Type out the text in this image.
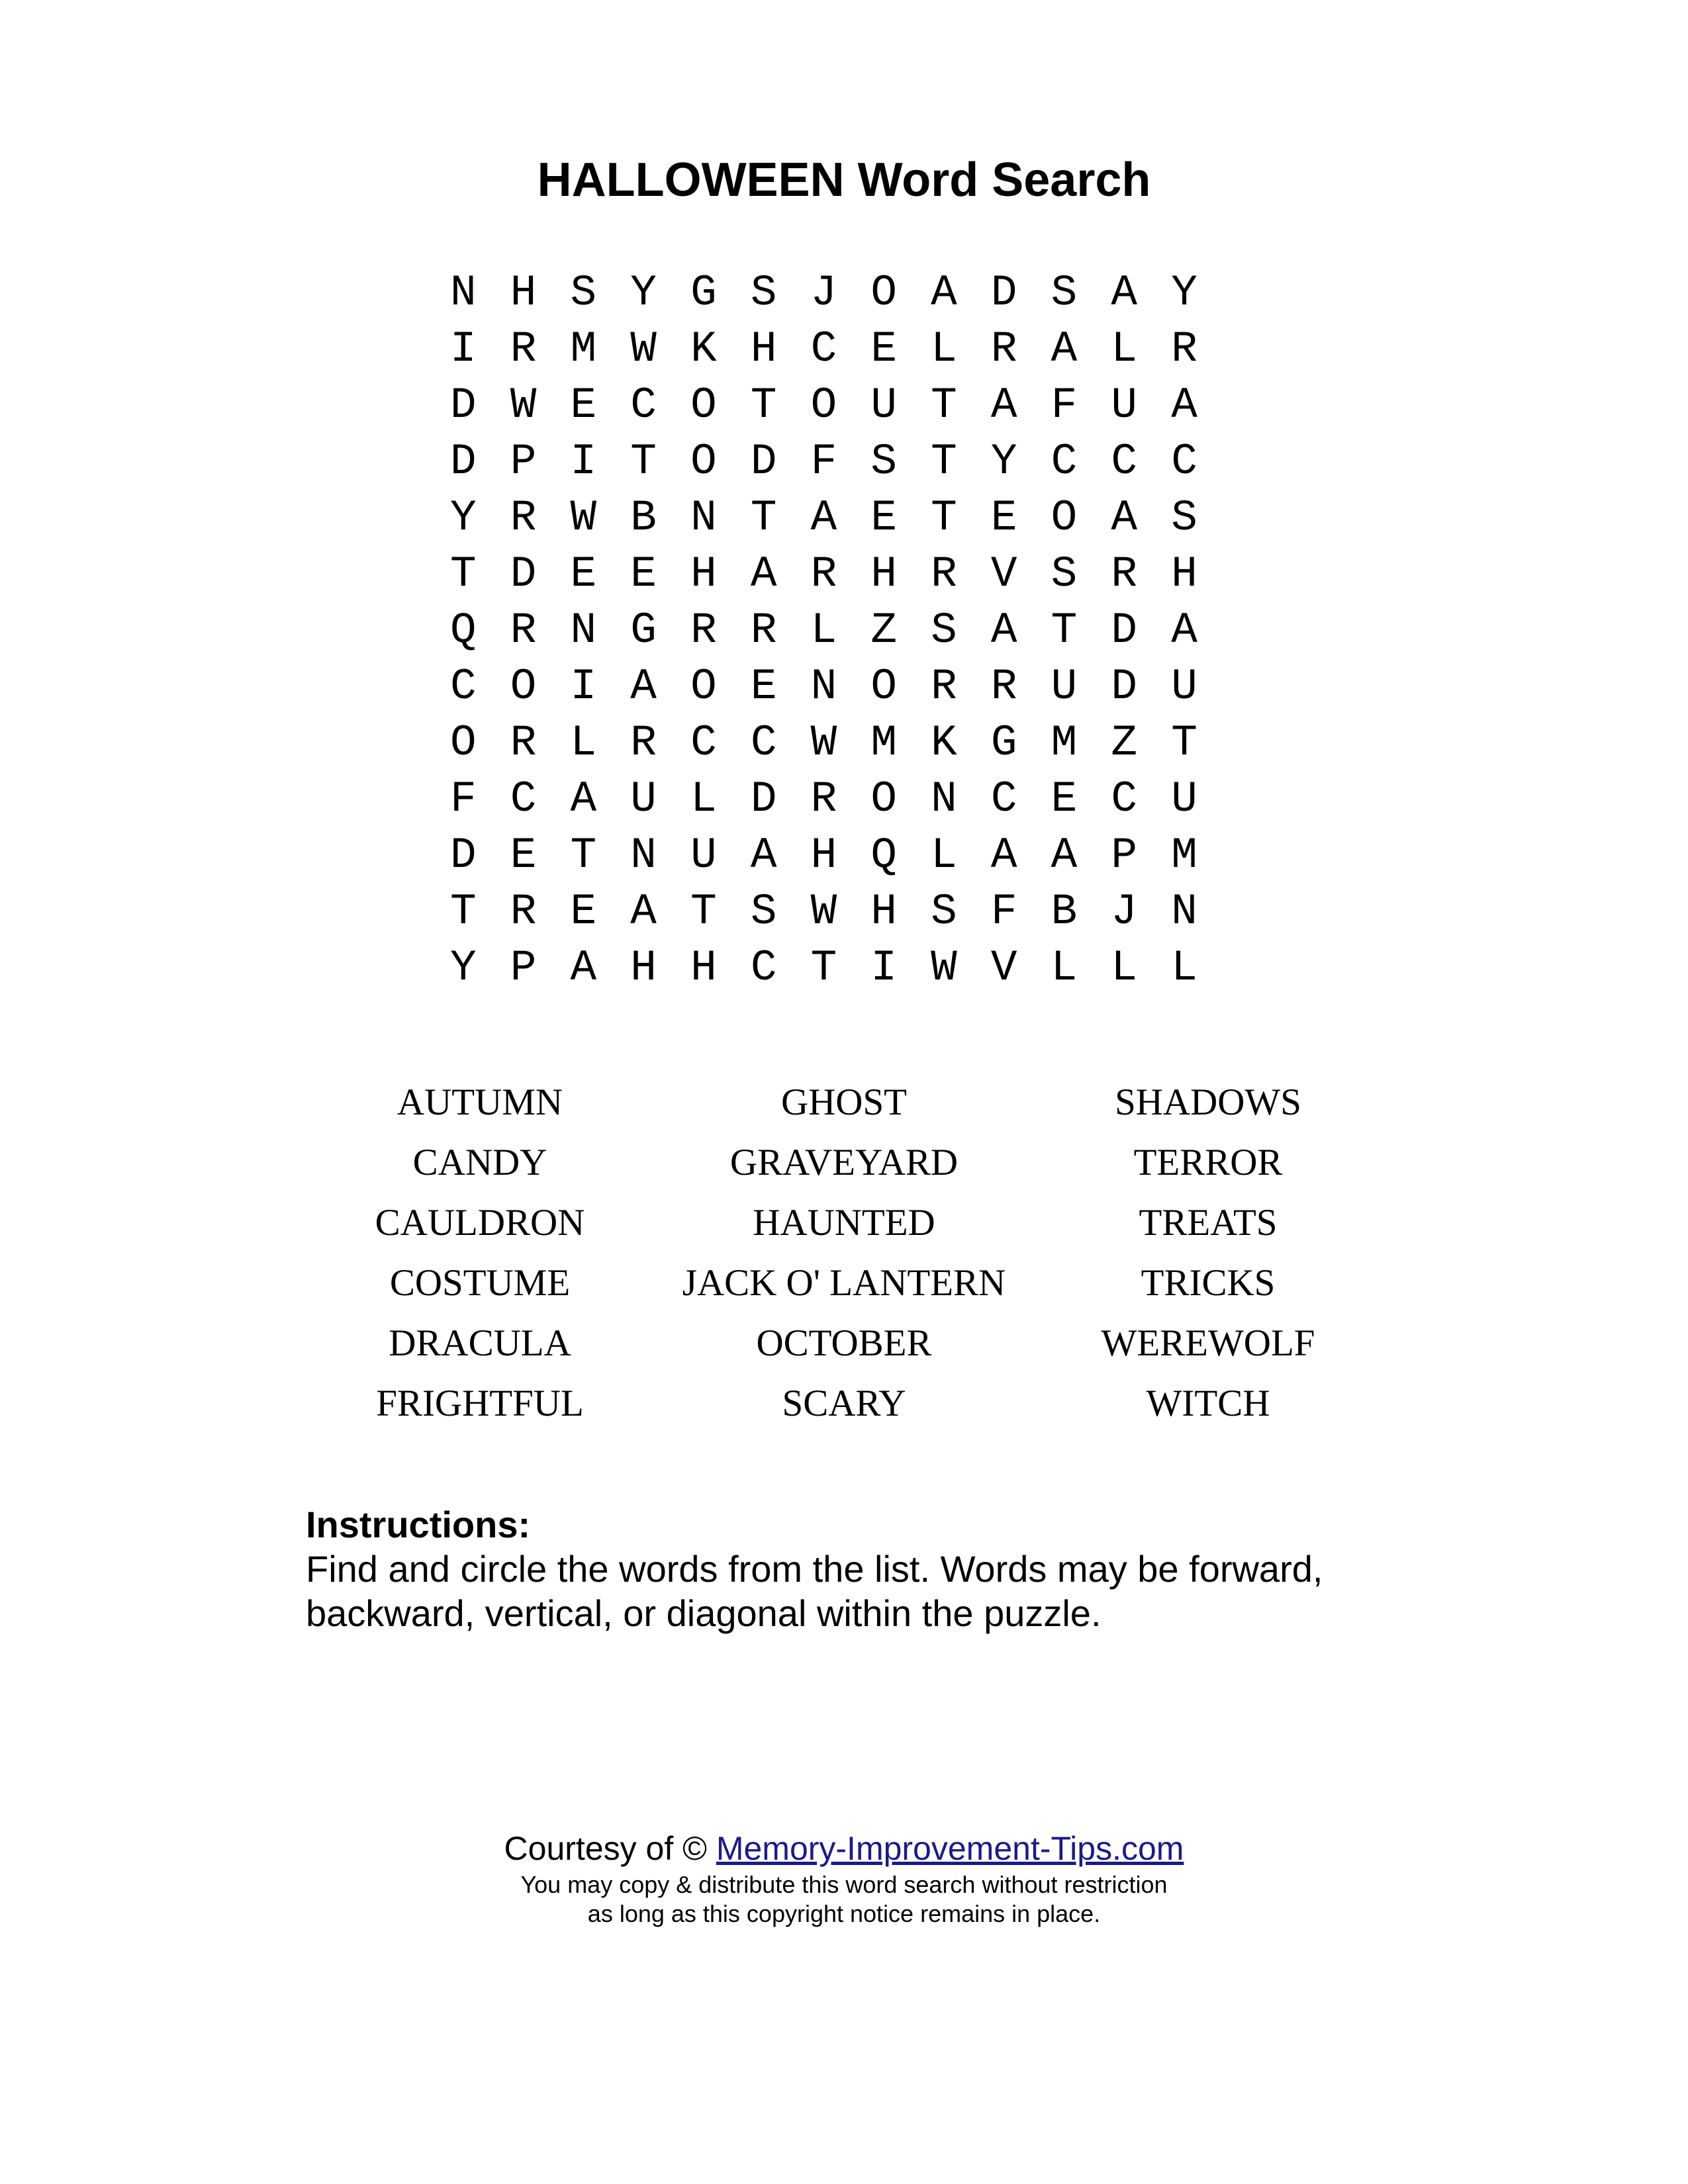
HALLOWEEN Word Search
N H S Y G S J O A D S A Y
I R M W K H C E L R A L R
D W E C O T O U T A F U A
D P I T O D F S T Y C C C
Y R W B N T A E T E O A S
T D E E H A R H R V S R H
Q R N G R R L Z S A T D A
C O I A O E N O R R U D U
O R L R C C W M K G M Z T
F C A U L D R O N C E C U
D E T N U A H Q L A A P M
T R E A T S W H S F B J N
Y P A H H C T I W V L L L
AUTUMN
CANDY
CAULDRON
COSTUME
DRACULA
FRIGHTFUL
GHOST
GRAVEYARD
HAUNTED
JACK O' LANTERN
OCTOBER
SCARY
SHADOWS
TERROR
TREATS
TRICKS
WEREWOLF
WITCH
Instructions:
Find and circle the words from the list. Words may be forward,
backward, vertical, or diagonal within the puzzle.
Courtesy of © Memory-Improvement-Tips.com
You may copy & distribute this word search without restriction
as long as this copyright notice remains in place.
